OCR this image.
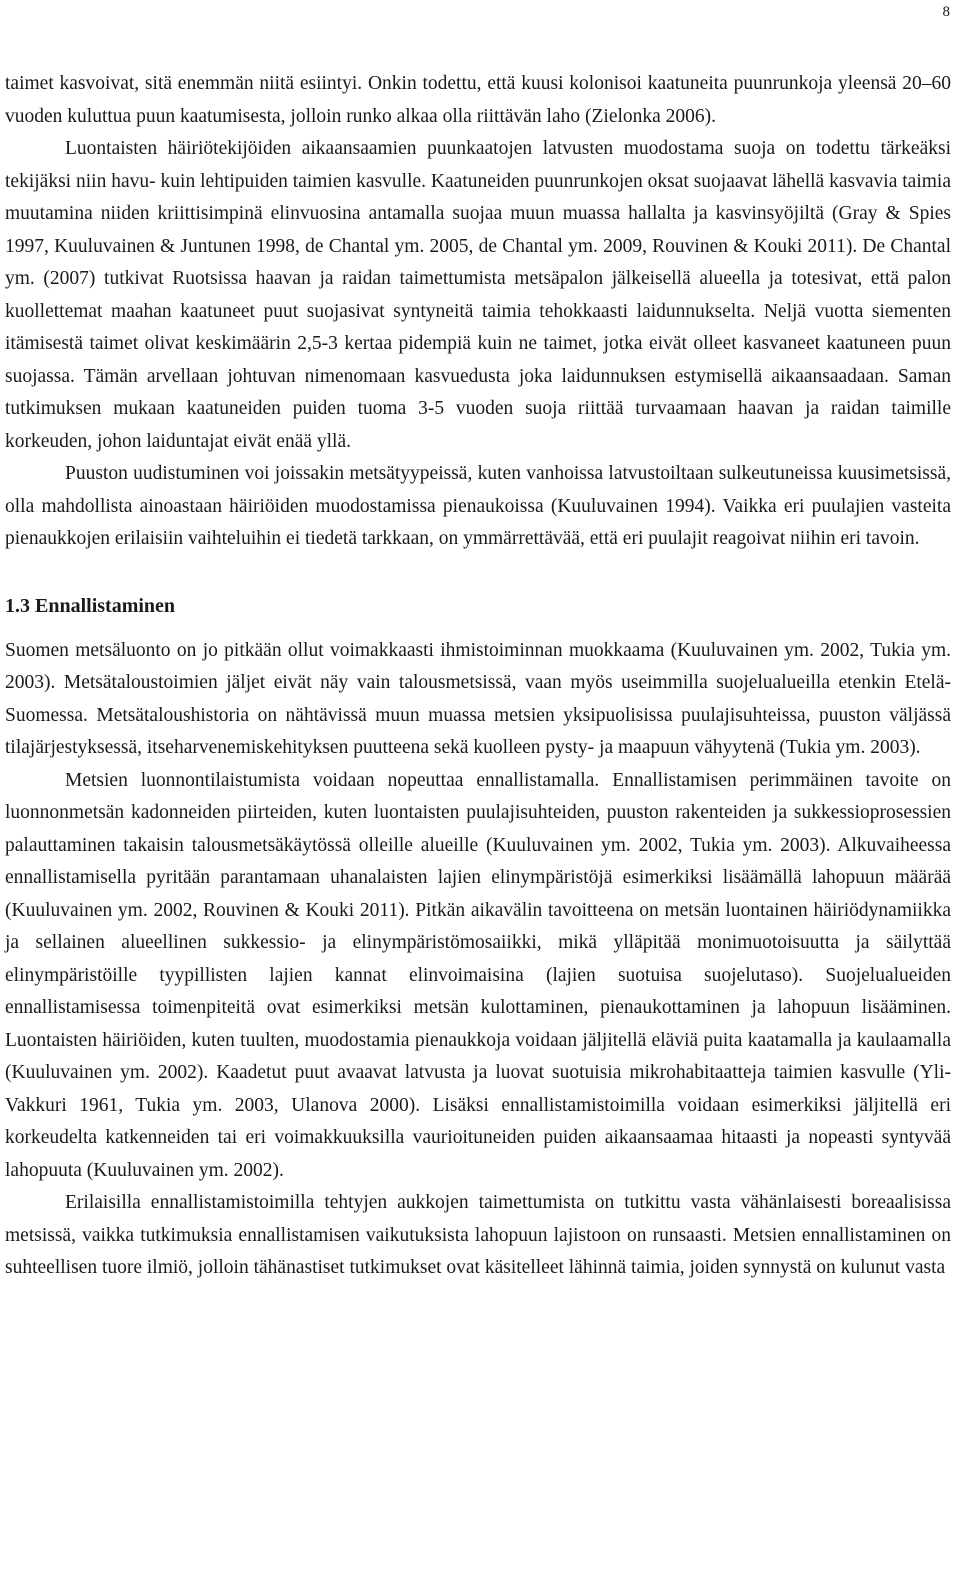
8

taimet kasvoivat, sitä enemmän niitä esiintyi. Onkin todettu, että kuusi kolonisoi kaatuneita puunrunkoja yleensä 20–60 vuoden kuluttua puun kaatumisesta, jolloin runko alkaa olla riittävän laho (Zielonka 2006).

Luontaisten häiriötekijöiden aikaansaamien puunkaatojen latvusten muodostama suoja on todettu tärkeäksi tekijäksi niin havu- kuin lehtipuiden taimien kasvulle. Kaatuneiden puunrunkojen oksat suojaavat lähellä kasvavia taimia muutamina niiden kriittisimpinä elinvuosina antamalla suojaa muun muassa hallalta ja kasvinsyöjiltä (Gray & Spies 1997, Kuuluvainen & Juntunen 1998, de Chantal ym. 2005, de Chantal ym. 2009, Rouvinen & Kouki 2011). De Chantal ym. (2007) tutkivat Ruotsissa haavan ja raidan taimettumista metsäpalon jälkeisellä alueella ja totesivat, että palon kuollettemat maahan kaatuneet puut suojasivat syntyneitä taimia tehokkaasti laidunnukselta. Neljä vuotta siementen itämisestä taimet olivat keskimäärin 2,5-3 kertaa pidempiä kuin ne taimet, jotka eivät olleet kasvaneet kaatuneen puun suojassa. Tämän arvellaan johtuvan nimenomaan kasvuedusta joka laidunnuksen estymisellä aikaansaadaan. Saman tutkimuksen mukaan kaatuneiden puiden tuoma 3-5 vuoden suoja riittää turvaamaan haavan ja raidan taimille korkeuden, johon laiduntajat eivät enää yllä.

Puuston uudistuminen voi joissakin metsätyypeissä, kuten vanhoissa latvustoiltaan sulkeutuneissa kuusimetsissä, olla mahdollista ainoastaan häiriöiden muodostamissa pienaukoissa (Kuuluvainen 1994). Vaikka eri puulajien vasteita pienaukkojen erilaisiin vaihteluihin ei tiedetä tarkkaan, on ymmärrettävää, että eri puulajit reagoivat niihin eri tavoin.

1.3 Ennallistaminen

Suomen metsäluonto on jo pitkään ollut voimakkaasti ihmistoiminnan muokkaama (Kuuluvainen ym. 2002, Tukia ym. 2003). Metsätaloustoimien jäljet eivät näy vain talousmetsissä, vaan myös useimmilla suojelualueilla etenkin Etelä-Suomessa. Metsätaloushistoria on nähtävissä muun muassa metsien yksipuolisissa puulajisuhteissa, puuston väljässä tilajärjestyksessä, itseharvenemiskehityksen puutteena sekä kuolleen pysty- ja maapuun vähyytenä (Tukia ym. 2003).

Metsien luonnontilaistumista voidaan nopeuttaa ennallistamalla. Ennallistamisen perimmäinen tavoite on luonnonmetsän kadonneiden piirteiden, kuten luontaisten puulajisuhteiden, puuston rakenteiden ja sukkessioprosessien palauttaminen takaisin talousmetsäkäytössä olleille alueille (Kuuluvainen ym. 2002, Tukia ym. 2003). Alkuvaiheessa ennallistamisella pyritään parantamaan uhanalaisten lajien elinympäristöjä esimerkiksi lisäämällä lahopuun määrää (Kuuluvainen ym. 2002, Rouvinen & Kouki 2011). Pitkän aikavälin tavoitteena on metsän luontainen häiriödynamiikka ja sellainen alueellinen sukkessio- ja elinympäristömosaiikki, mikä ylläpitää monimuotoisuutta ja säilyttää elinympäristöille tyypillisten lajien kannat elinvoimaisina (lajien suotuisa suojelutaso). Suojelualueiden ennallistamisessa toimenpiteitä ovat esimerkiksi metsän kulottaminen, pienaukottaminen ja lahopuun lisääminen. Luontaisten häiriöiden, kuten tuulten, muodostamia pienaukkoja voidaan jäljitellä eläviä puita kaatamalla ja kaulaamalla (Kuuluvainen ym. 2002). Kaadetut puut avaavat latvusta ja luovat suotuisia mikrohabitaatteja taimien kasvulle (Yli-Vakkuri 1961, Tukia ym. 2003, Ulanova 2000). Lisäksi ennallistamistoimilla voidaan esimerkiksi jäljitellä eri korkeudelta katkenneiden tai eri voimakkuuksilla vaurioituneiden puiden aikaansaamaa hitaasti ja nopeasti syntyvää lahopuuta (Kuuluvainen ym. 2002).

Erilaisilla ennallistamistoimilla tehtyjen aukkojen taimettumista on tutkittu vasta vähänlaisesti boreaalisissa metsissä, vaikka tutkimuksia ennallistamisen vaikutuksista lahopuun lajistoon on runsaasti. Metsien ennallistaminen on suhteellisen tuore ilmiö, jolloin tähänastiset tutkimukset ovat käsitelleet lähinnä taimia, joiden synnystä on kulunut vasta
